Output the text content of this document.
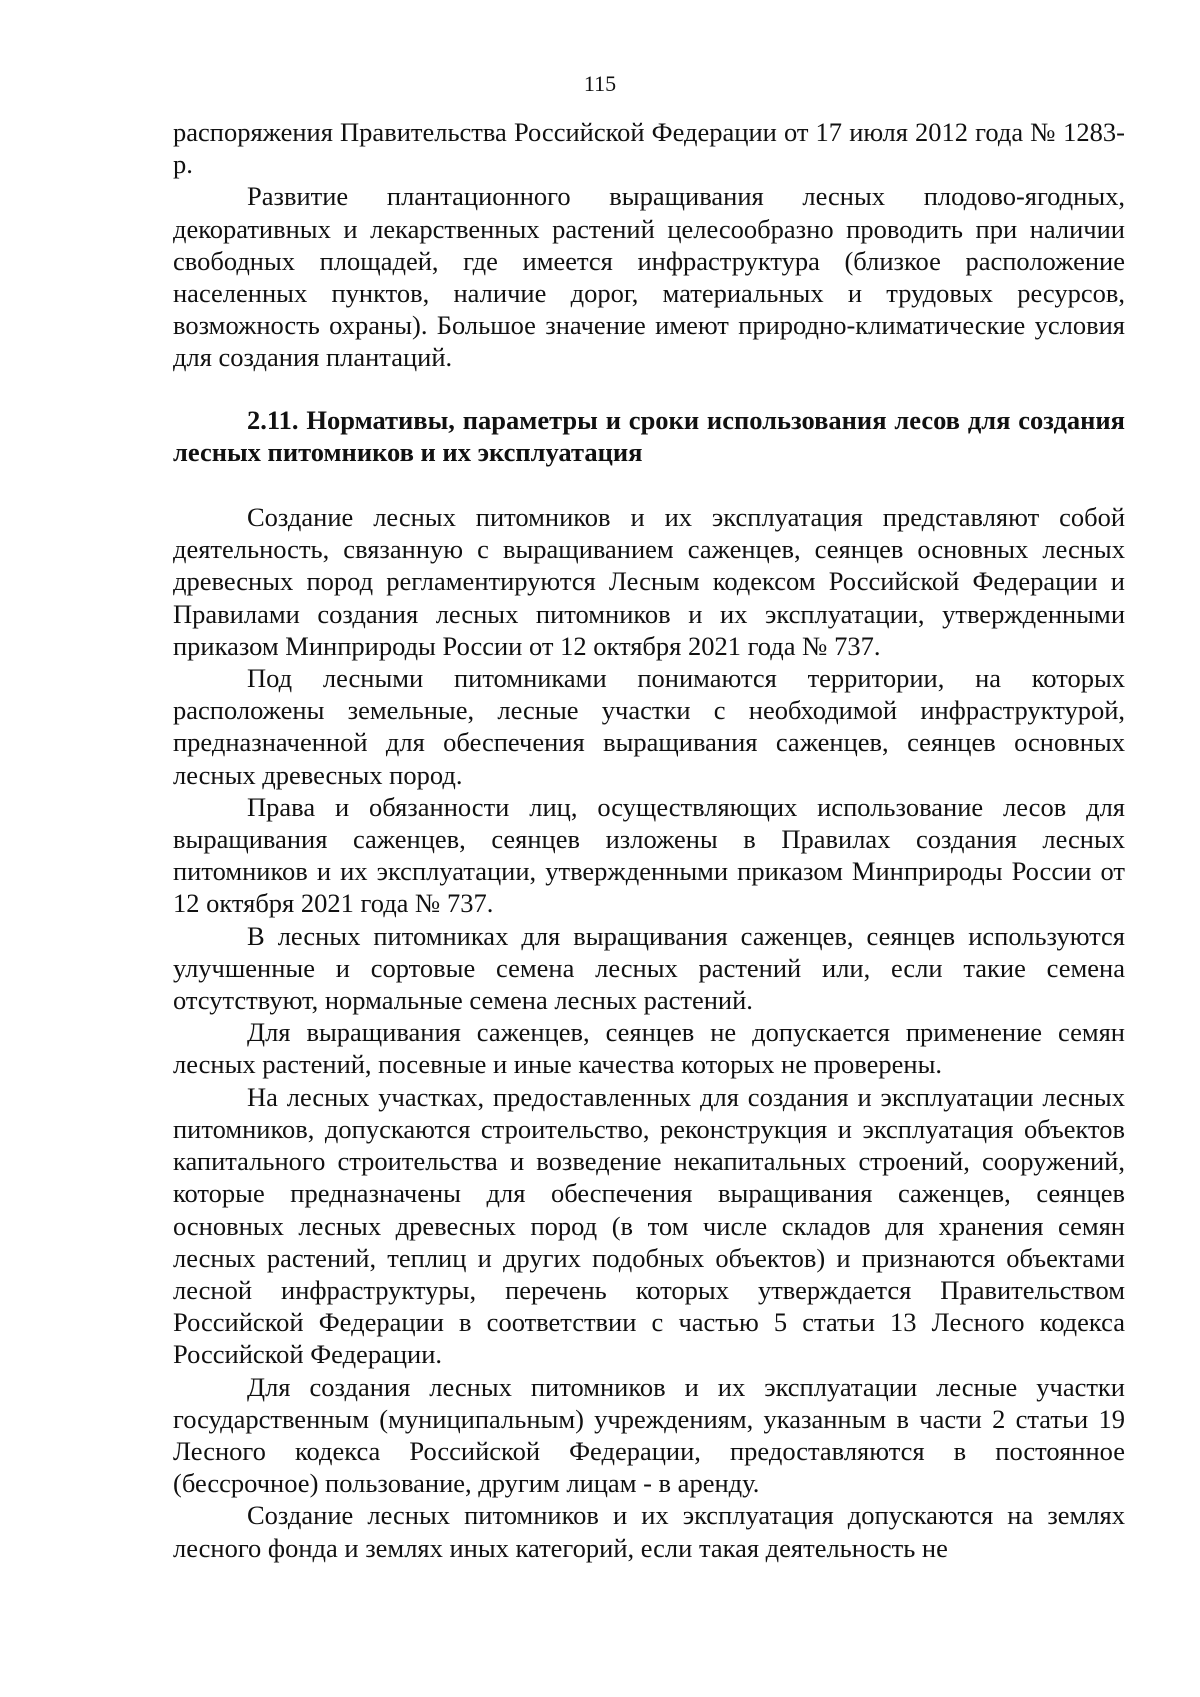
115

распоряжения Правительства Российской Федерации от 17 июля 2012 года № 1283-р.

Развитие плантационного выращивания лесных плодово-ягодных, декоративных и лекарственных растений целесообразно проводить при наличии свободных площадей, где имеется инфраструктура (близкое расположение населенных пунктов, наличие дорог, материальных и трудовых ресурсов, возможность охраны). Большое значение имеют природно-климатические условия для создания плантаций.

2.11. Нормативы, параметры и сроки использования лесов для создания лесных питомников и их эксплуатация

Создание лесных питомников и их эксплуатация представляют собой деятельность, связанную с выращиванием саженцев, сеянцев основных лесных древесных пород регламентируются Лесным кодексом Российской Федерации и Правилами создания лесных питомников и их эксплуатации, утвержденными приказом Минприроды России от 12 октября 2021 года № 737.

Под лесными питомниками понимаются территории, на которых расположены земельные, лесные участки с необходимой инфраструктурой, предназначенной для обеспечения выращивания саженцев, сеянцев основных лесных древесных пород.

Права и обязанности лиц, осуществляющих использование лесов для выращивания саженцев, сеянцев изложены в Правилах создания лесных питомников и их эксплуатации, утвержденными приказом Минприроды России от 12 октября 2021 года № 737.

В лесных питомниках для выращивания саженцев, сеянцев используются улучшенные и сортовые семена лесных растений или, если такие семена отсутствуют, нормальные семена лесных растений.

Для выращивания саженцев, сеянцев не допускается применение семян лесных растений, посевные и иные качества которых не проверены.

На лесных участках, предоставленных для создания и эксплуатации лесных питомников, допускаются строительство, реконструкция и эксплуатация объектов капитального строительства и возведение некапитальных строений, сооружений, которые предназначены для обеспечения выращивания саженцев, сеянцев основных лесных древесных пород (в том числе складов для хранения семян лесных растений, теплиц и других подобных объектов) и признаются объектами лесной инфраструктуры, перечень которых утверждается Правительством Российской Федерации в соответствии с частью 5 статьи 13 Лесного кодекса Российской Федерации.

Для создания лесных питомников и их эксплуатации лесные участки государственным (муниципальным) учреждениям, указанным в части 2 статьи 19 Лесного кодекса Российской Федерации, предоставляются в постоянное (бессрочное) пользование, другим лицам - в аренду.

Создание лесных питомников и их эксплуатация допускаются на землях лесного фонда и землях иных категорий, если такая деятельность не
